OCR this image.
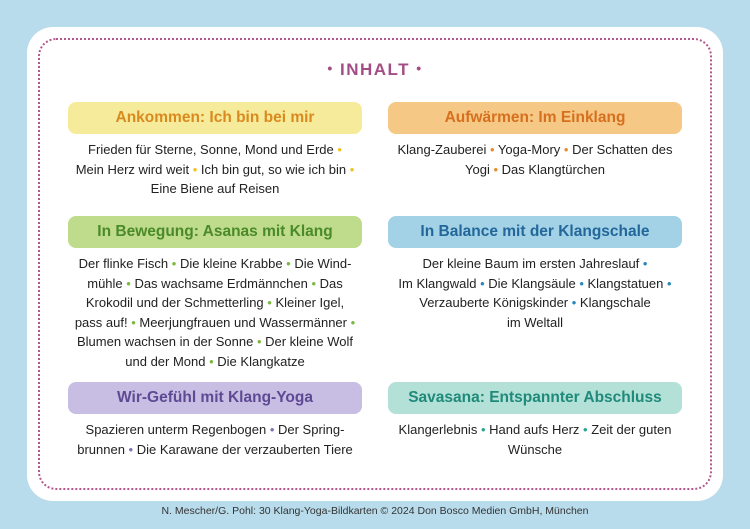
• INHALT •
Ankommen: Ich bin bei mir
Frieden für Sterne, Sonne, Mond und Erde •
Mein Herz wird weit • Ich bin gut, so wie ich bin •
Eine Biene auf Reisen
Aufwärmen: Im Einklang
Klang-Zauberei • Yoga-Mory • Der Schatten des
Yogi • Das Klangtürchen
In Bewegung: Asanas mit Klang
Der flinke Fisch • Die kleine Krabbe • Die Wind-
mühle • Das wachsame Erdmännchen • Das
Krokodil und der Schmetterling • Kleiner Igel,
pass auf! • Meerjungfrauen und Wassermänner •
Blumen wachsen in der Sonne • Der kleine Wolf
und der Mond • Die Klangkatze
In Balance mit der Klangschale
Der kleine Baum im ersten Jahreslauf •
Im Klangwald • Die Klangsäule • Klangstatuen •
Verzauberte Königskinder • Klangschale
im Weltall
Wir-Gefühl mit Klang-Yoga
Spazieren unterm Regenbogen • Der Spring-
brunnen • Die Karawane der verzauberten Tiere
Savasana: Entspannter Abschluss
Klangerlebnis • Hand aufs Herz • Zeit der guten
Wünsche
N. Mescher/G. Pohl: 30 Klang-Yoga-Bildkarten © 2024 Don Bosco Medien GmbH, München
